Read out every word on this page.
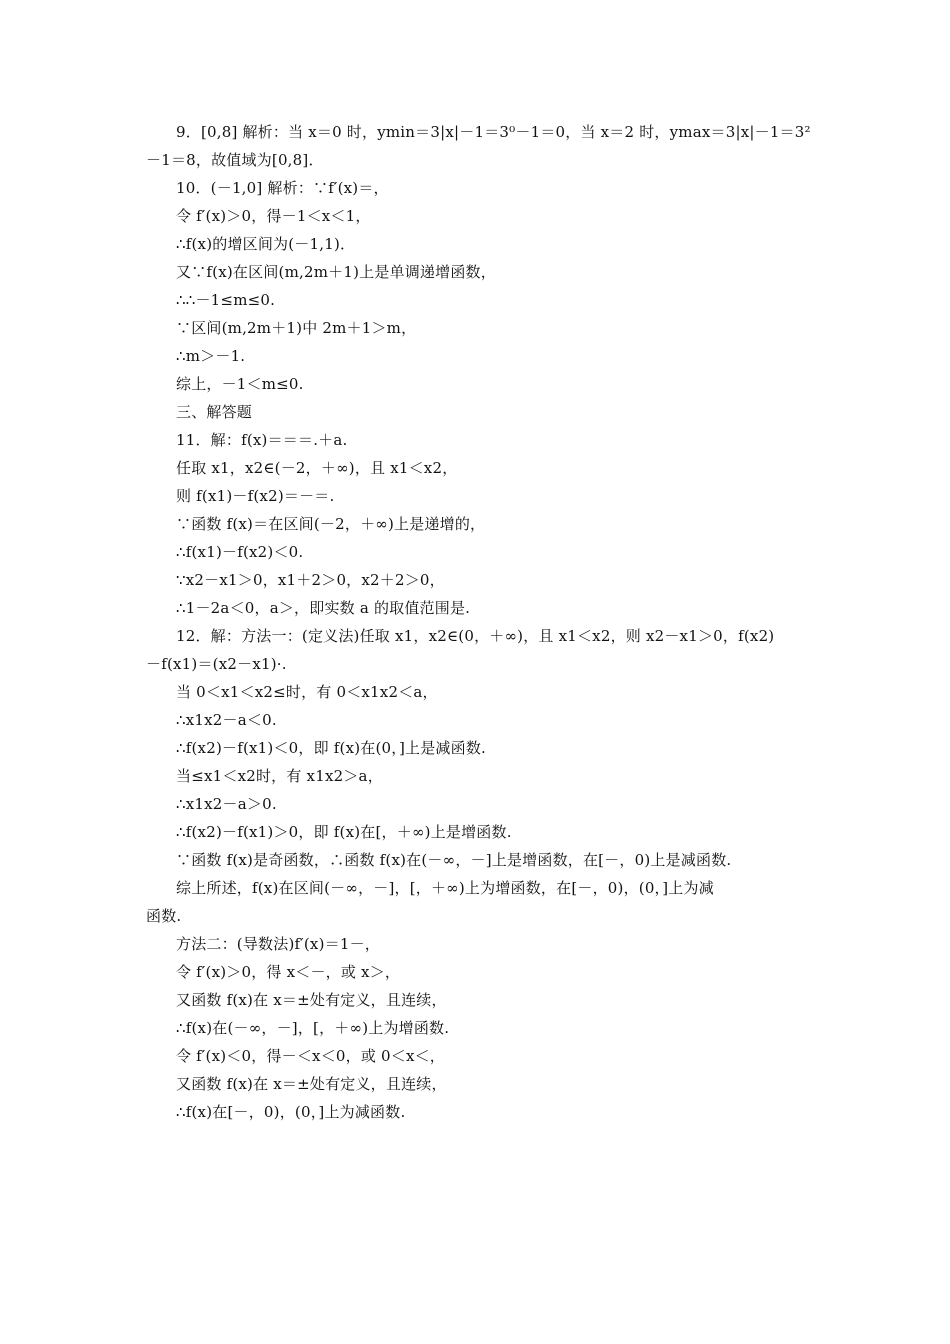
9．[0,8] 解析：当 x＝0 时，ymin＝3|x|－1＝3⁰－1＝0，当 x＝2 时，ymax＝3|x|－1＝3²
－1＝8，故值域为[0,8]．
10．(－1,0] 解析：∵f′(x)＝，
令 f′(x)＞0，得－1＜x＜1，
∴f(x)的增区间为(－1,1)．
又∵f(x)在区间(m,2m＋1)上是单调递增函数，
∴∴－1≤m≤0.
∵区间(m,2m＋1)中 2m＋1＞m，
∴m＞－1.
综上，－1＜m≤0.
三、解答题
11．解：f(x)＝＝＝.＋a.
任取 x1，x2∈(－2，＋∞)，且 x1＜x2，
则 f(x1)－f(x2)＝－＝.
∵函数 f(x)＝在区间(－2，＋∞)上是递增的，
∴f(x1)－f(x2)＜0.
∵x2－x1＞0，x1＋2＞0，x2＋2＞0，
∴1－2a＜0，a＞，即实数 a 的取值范围是.
12．解：方法一：(定义法)任取 x1，x2∈(0，＋∞)，且 x1＜x2，则 x2－x1＞0，f(x2)
－f(x1)＝(x2－x1)·.
当 0＜x1＜x2≤时，有 0＜x1x2＜a，
∴x1x2－a＜0.
∴f(x2)－f(x1)＜0，即 f(x)在(0，]上是减函数.
当≤x1＜x2时，有 x1x2＞a，
∴x1x2－a＞0.
∴f(x2)－f(x1)＞0，即 f(x)在[，＋∞)上是增函数.
∵函数 f(x)是奇函数，∴函数 f(x)在(－∞，－]上是增函数，在[－，0)上是减函数.
综上所述，f(x)在区间(－∞，－]，[，＋∞)上为增函数，在[－，0)，(0，]上为减
函数.
方法二：(导数法)f′(x)＝1－，
令 f′(x)＞0，得 x＜－，或 x＞，
又函数 f(x)在 x＝±处有定义，且连续，
∴f(x)在(－∞，－]，[，＋∞)上为增函数.
令 f′(x)＜0，得－＜x＜0，或 0＜x＜，
又函数 f(x)在 x＝±处有定义，且连续，
∴f(x)在[－，0)，(0，]上为减函数.
